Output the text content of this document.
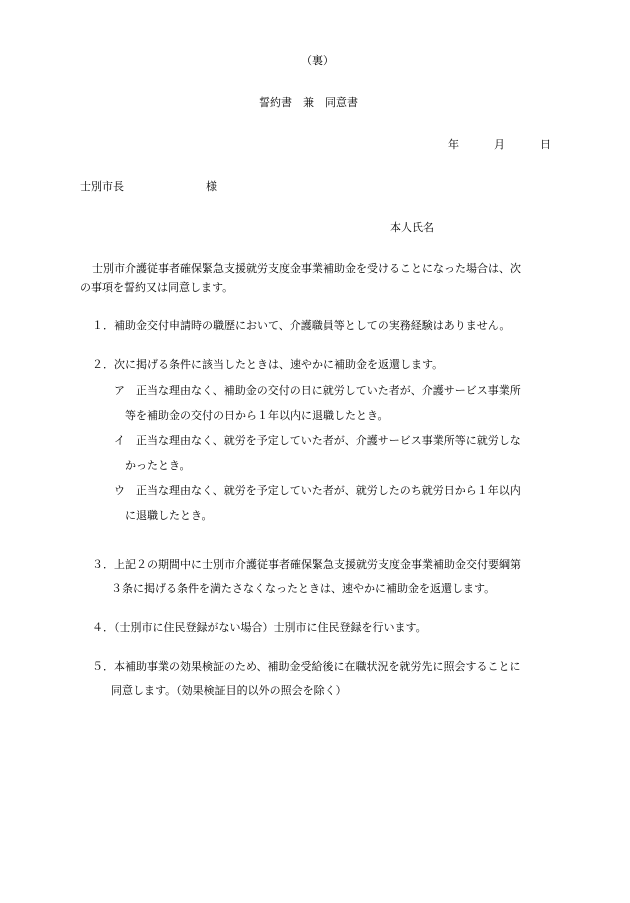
（裏）
誓約書　兼　同意書
年	月	日
士別市長	様
本人氏名
士別市介護従事者確保緊急支援就労支度金事業補助金を受けることになった場合は、次
の事項を誓約又は同意します。
１．補助金交付申請時の職歴において、介護職員等としての実務経験はありません。
２．次に掲げる条件に該当したときは、速やかに補助金を返還します。
ア　正当な理由なく、補助金の交付の日に就労していた者が、介護サービス事業所
等を補助金の交付の日から１年以内に退職したとき。
イ　正当な理由なく、就労を予定していた者が、介護サービス事業所等に就労しな
かったとき。
ウ　正当な理由なく、就労を予定していた者が、就労したのち就労日から１年以内
に退職したとき。
３．上記２の期間中に士別市介護従事者確保緊急支援就労支度金事業補助金交付要綱第
３条に掲げる条件を満たさなくなったときは、速やかに補助金を返還します。
４．（士別市に住民登録がない場合）士別市に住民登録を行います。
５．本補助事業の効果検証のため、補助金受給後に在職状況を就労先に照会することに
同意します。（効果検証目的以外の照会を除く）
